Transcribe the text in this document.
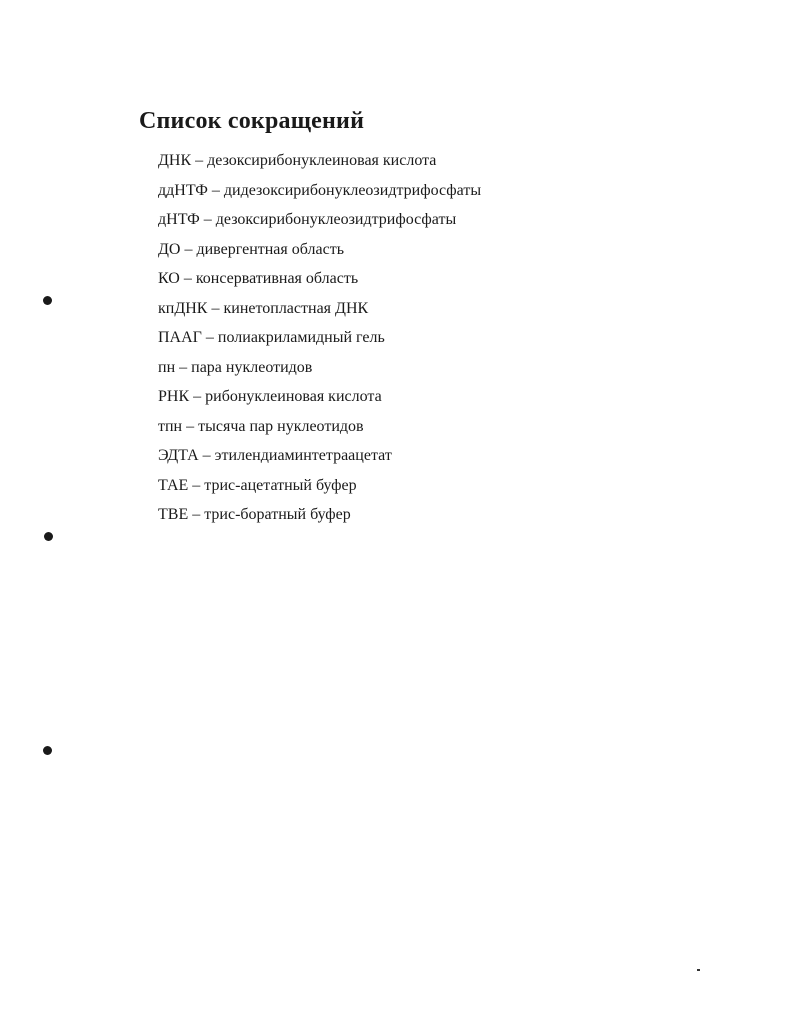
Список сокращений
ДНК – дезоксирибонуклеиновая кислота
ддНТФ – дидезоксирибонуклеозидтрифосфаты
дНТФ – дезоксирибонуклеозидтрифосфаты
ДО – дивергентная область
КО – консервативная область
кпДНК – кинетопластная ДНК
ПААГ – полиакриламидный гель
пн – пара нуклеотидов
РНК – рибонуклеиновая кислота
тпн – тысяча пар нуклеотидов
ЭДТА – этилендиаминтетраацетат
ТАЕ – трис-ацетатный буфер
ТВЕ – трис-боратный буфер
